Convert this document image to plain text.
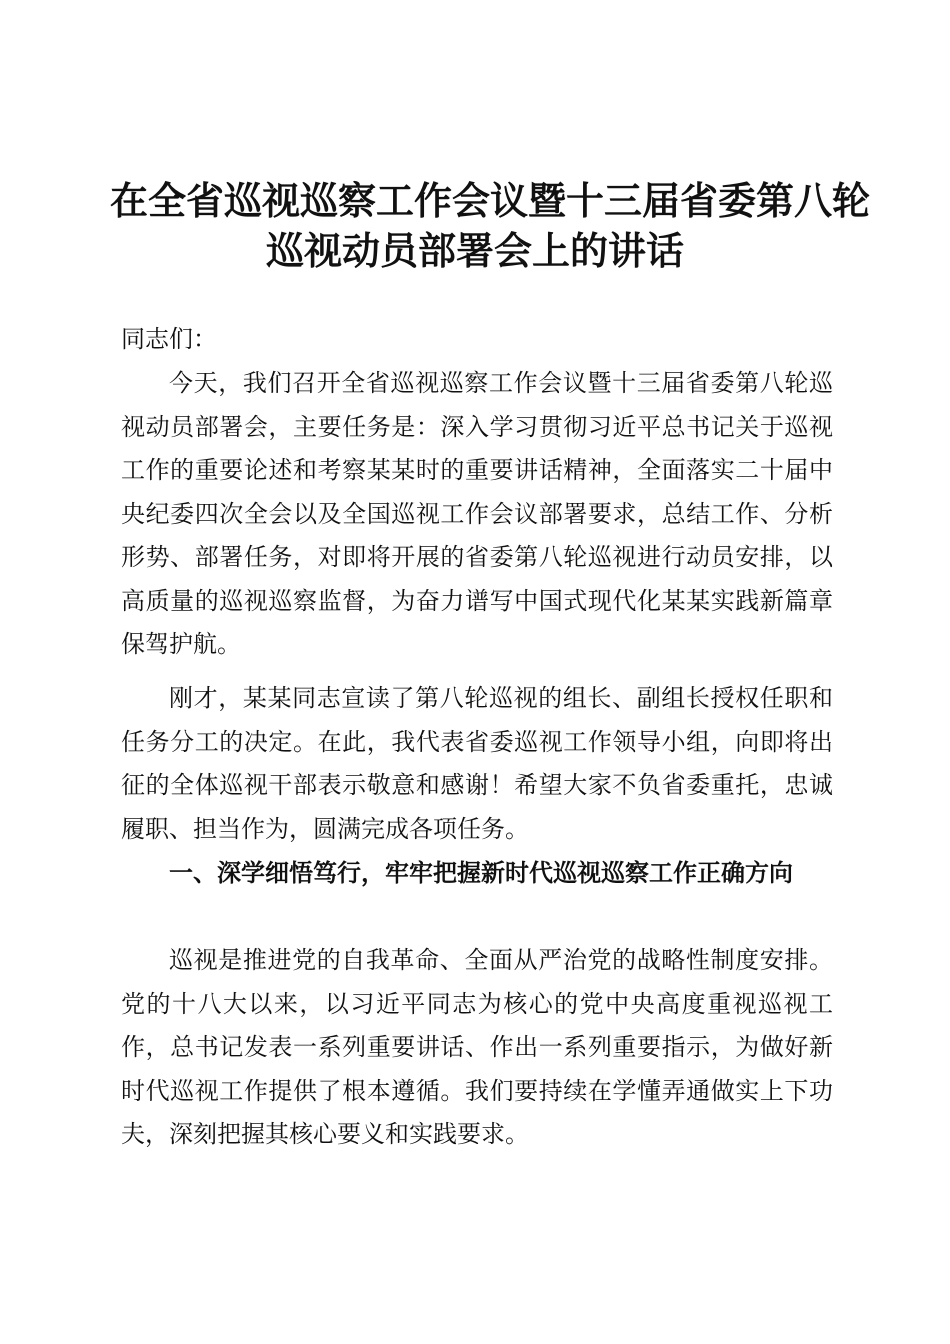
在全省巡视巡察工作会议暨十三届省委第八轮
巡视动员部署会上的讲话

同志们：

今天，我们召开全省巡视巡察工作会议暨十三届省委第八轮巡视动员部署会，主要任务是：深入学习贯彻习近平总书记关于巡视工作的重要论述和考察某某时的重要讲话精神，全面落实二十届中央纪委四次全会以及全国巡视工作会议部署要求，总结工作、分析形势、部署任务，对即将开展的省委第八轮巡视进行动员安排，以高质量的巡视巡察监督，为奋力谱写中国式现代化某某实践新篇章保驾护航。

刚才，某某同志宣读了第八轮巡视的组长、副组长授权任职和任务分工的决定。在此，我代表省委巡视工作领导小组，向即将出征的全体巡视干部表示敬意和感谢！希望大家不负省委重托，忠诚履职、担当作为，圆满完成各项任务。

一、深学细悟笃行，牢牢把握新时代巡视巡察工作正确方向

巡视是推进党的自我革命、全面从严治党的战略性制度安排。党的十八大以来，以习近平同志为核心的党中央高度重视巡视工作，总书记发表一系列重要讲话、作出一系列重要指示，为做好新时代巡视工作提供了根本遵循。我们要持续在学懂弄通做实上下功夫，深刻把握其核心要义和实践要求。
